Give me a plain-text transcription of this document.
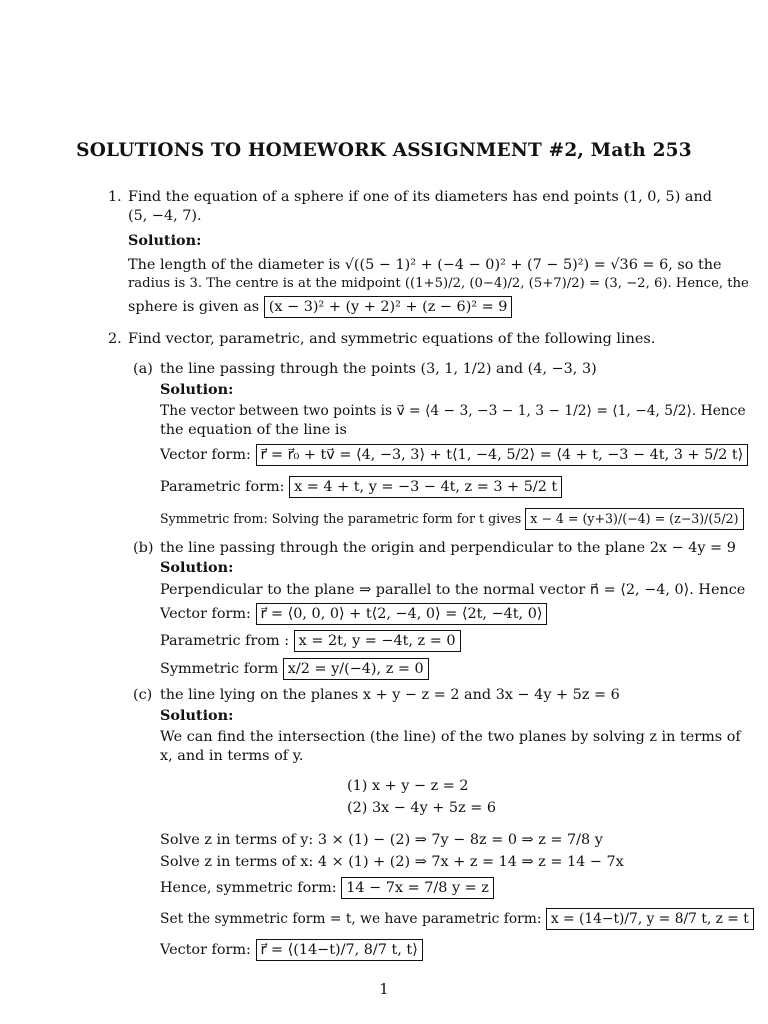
SOLUTIONS TO HOMEWORK ASSIGNMENT #2, Math 253
1. Find the equation of a sphere if one of its diameters has end points (1, 0, 5) and
(5, −4, 7).
Solution:
The length of the diameter is √((5 − 1)² + (−4 − 0)² + (7 − 5)²) = √36 = 6, so the
radius is 3. The centre is at the midpoint ((1+5)/2, (0−4)/2, (5+7)/2) = (3, −2, 6). Hence, the
sphere is given as (x − 3)² + (y + 2)² + (z − 6)² = 9
2. Find vector, parametric, and symmetric equations of the following lines.
(a) the line passing through the points (3, 1, 1/2) and (4, −3, 3)
Solution:
The vector between two points is v⃗ = ⟨4 − 3, −3 − 1, 3 − 1/2⟩ = ⟨1, −4, 5/2⟩. Hence
the equation of the line is
Vector form: r⃗ = r⃗₀ + tv⃗ = ⟨4, −3, 3⟩ + t⟨1, −4, 5/2⟩ = ⟨4 + t, −3 − 4t, 3 + 5/2 t⟩
Parametric form: x = 4 + t, y = −3 − 4t, z = 3 + 5/2 t
Symmetric from: Solving the parametric form for t gives x − 4 = (y+3)/(−4) = (z−3)/(5/2)
(b) the line passing through the origin and perpendicular to the plane 2x − 4y = 9
Solution:
Perpendicular to the plane ⇒ parallel to the normal vector n⃗ = ⟨2, −4, 0⟩. Hence
Vector form: r⃗ = ⟨0, 0, 0⟩ + t⟨2, −4, 0⟩ = ⟨2t, −4t, 0⟩
Parametric from : x = 2t, y = −4t, z = 0
Symmetric form x/2 = y/(−4), z = 0
(c) the line lying on the planes x + y − z = 2 and 3x − 4y + 5z = 6
Solution:
We can find the intersection (the line) of the two planes by solving z in terms of
x, and in terms of y.
(1) x + y − z = 2
(2) 3x − 4y + 5z = 6
Solve z in terms of y: 3 × (1) − (2) ⇒ 7y − 8z = 0 ⇒ z = 7/8 y
Solve z in terms of x: 4 × (1) + (2) ⇒ 7x + z = 14 ⇒ z = 14 − 7x
Hence, symmetric form: 14 − 7x = 7/8 y = z
Set the symmetric form = t, we have parametric form: x = (14−t)/7, y = 8/7 t, z = t
Vector form: r⃗ = ⟨(14−t)/7, 8/7 t, t⟩
1
